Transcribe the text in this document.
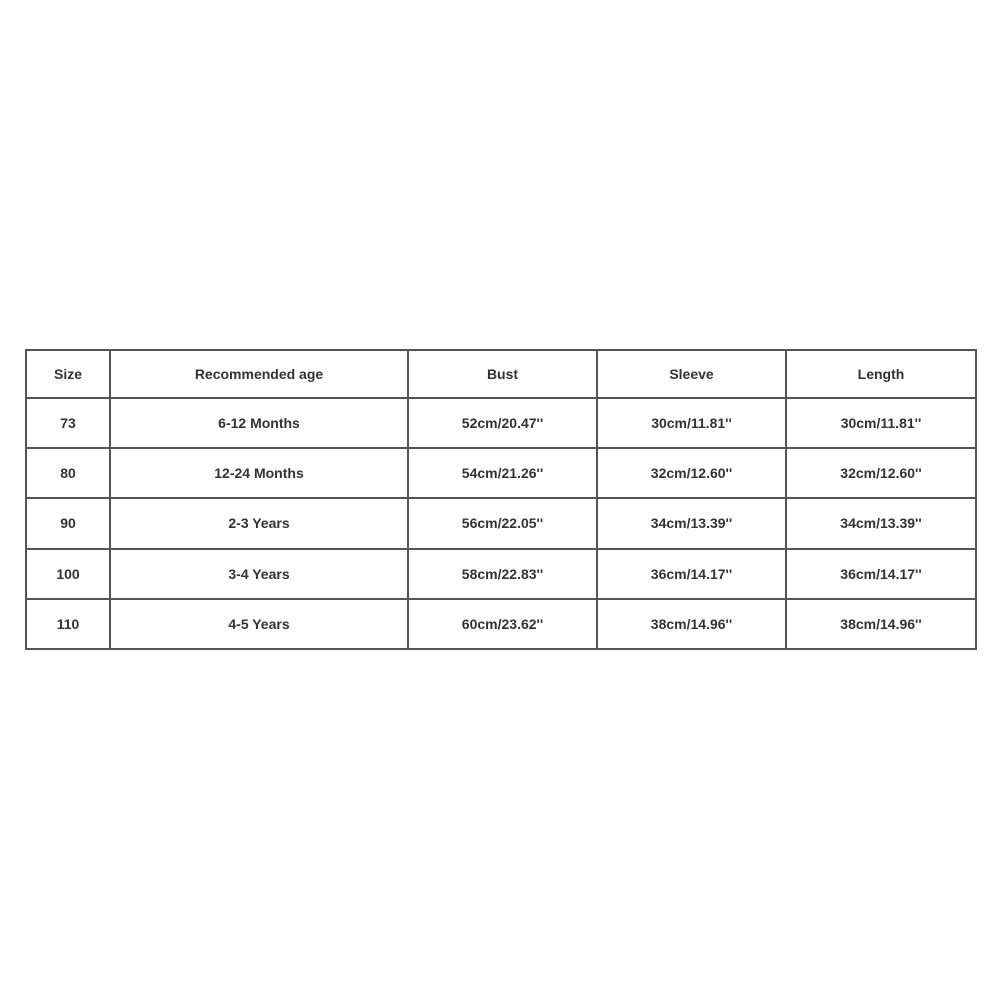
Size	Recommended age	Bust	Sleeve	Length
73	6-12 Months	52cm/20.47''	30cm/11.81''	30cm/11.81''
80	12-24 Months	54cm/21.26''	32cm/12.60''	32cm/12.60''
90	2-3 Years	56cm/22.05''	34cm/13.39''	34cm/13.39''
100	3-4 Years	58cm/22.83''	36cm/14.17''	36cm/14.17''
110	4-5 Years	60cm/23.62''	38cm/14.96''	38cm/14.96''
